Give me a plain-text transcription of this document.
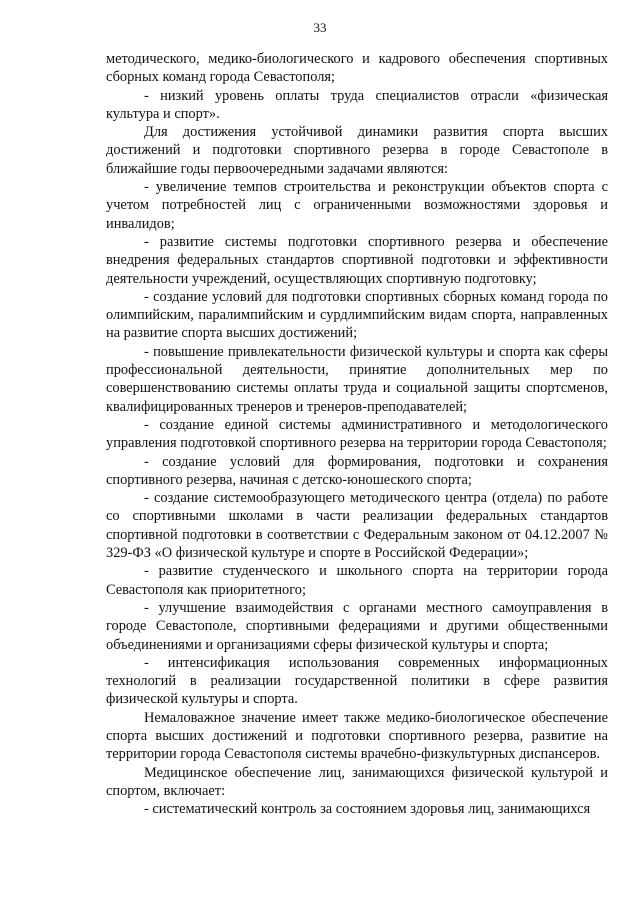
33

методического, медико-биологического и кадрового обеспечения спортивных сборных команд города Севастополя;

- низкий уровень оплаты труда специалистов отрасли «физическая культура и спорт».

Для достижения устойчивой динамики развития спорта высших достижений и подготовки спортивного резерва в городе Севастополе в ближайшие годы первоочередными задачами являются:

- увеличение темпов строительства и реконструкции объектов спорта с учетом потребностей лиц с ограниченными возможностями здоровья и инвалидов;

- развитие системы подготовки спортивного резерва и обеспечение внедрения федеральных стандартов спортивной подготовки и эффективности деятельности учреждений, осуществляющих спортивную подготовку;

- создание условий для подготовки спортивных сборных команд города по олимпийским, паралимпийским и сурдлимпийским видам спорта, направленных на развитие спорта высших достижений;

- повышение привлекательности физической культуры и спорта как сферы профессиональной деятельности, принятие дополнительных мер по совершенствованию системы оплаты труда и социальной защиты спортсменов, квалифицированных тренеров и тренеров-преподавателей;

- создание единой системы административного и методологического управления подготовкой спортивного резерва на территории города Севастополя;

- создание условий для формирования, подготовки и сохранения спортивного резерва, начиная с детско-юношеского спорта;

- создание системообразующего методического центра (отдела) по работе со спортивными школами в части реализации федеральных стандартов спортивной подготовки в соответствии с Федеральным законом от 04.12.2007 № 329-ФЗ «О физической культуре и спорте в Российской Федерации»;

- развитие студенческого и школьного спорта на территории города Севастополя как приоритетного;

- улучшение взаимодействия с органами местного самоуправления в городе Севастополе, спортивными федерациями и другими общественными объединениями и организациями сферы физической культуры и спорта;

- интенсификация использования современных информационных технологий в реализации государственной политики в сфере развития физической культуры и спорта.

Немаловажное значение имеет также медико-биологическое обеспечение спорта высших достижений и подготовки спортивного резерва, развитие на территории города Севастополя системы врачебно-физкультурных диспансеров.

Медицинское обеспечение лиц, занимающихся физической культурой и спортом, включает:

- систематический контроль за состоянием здоровья лиц, занимающихся
